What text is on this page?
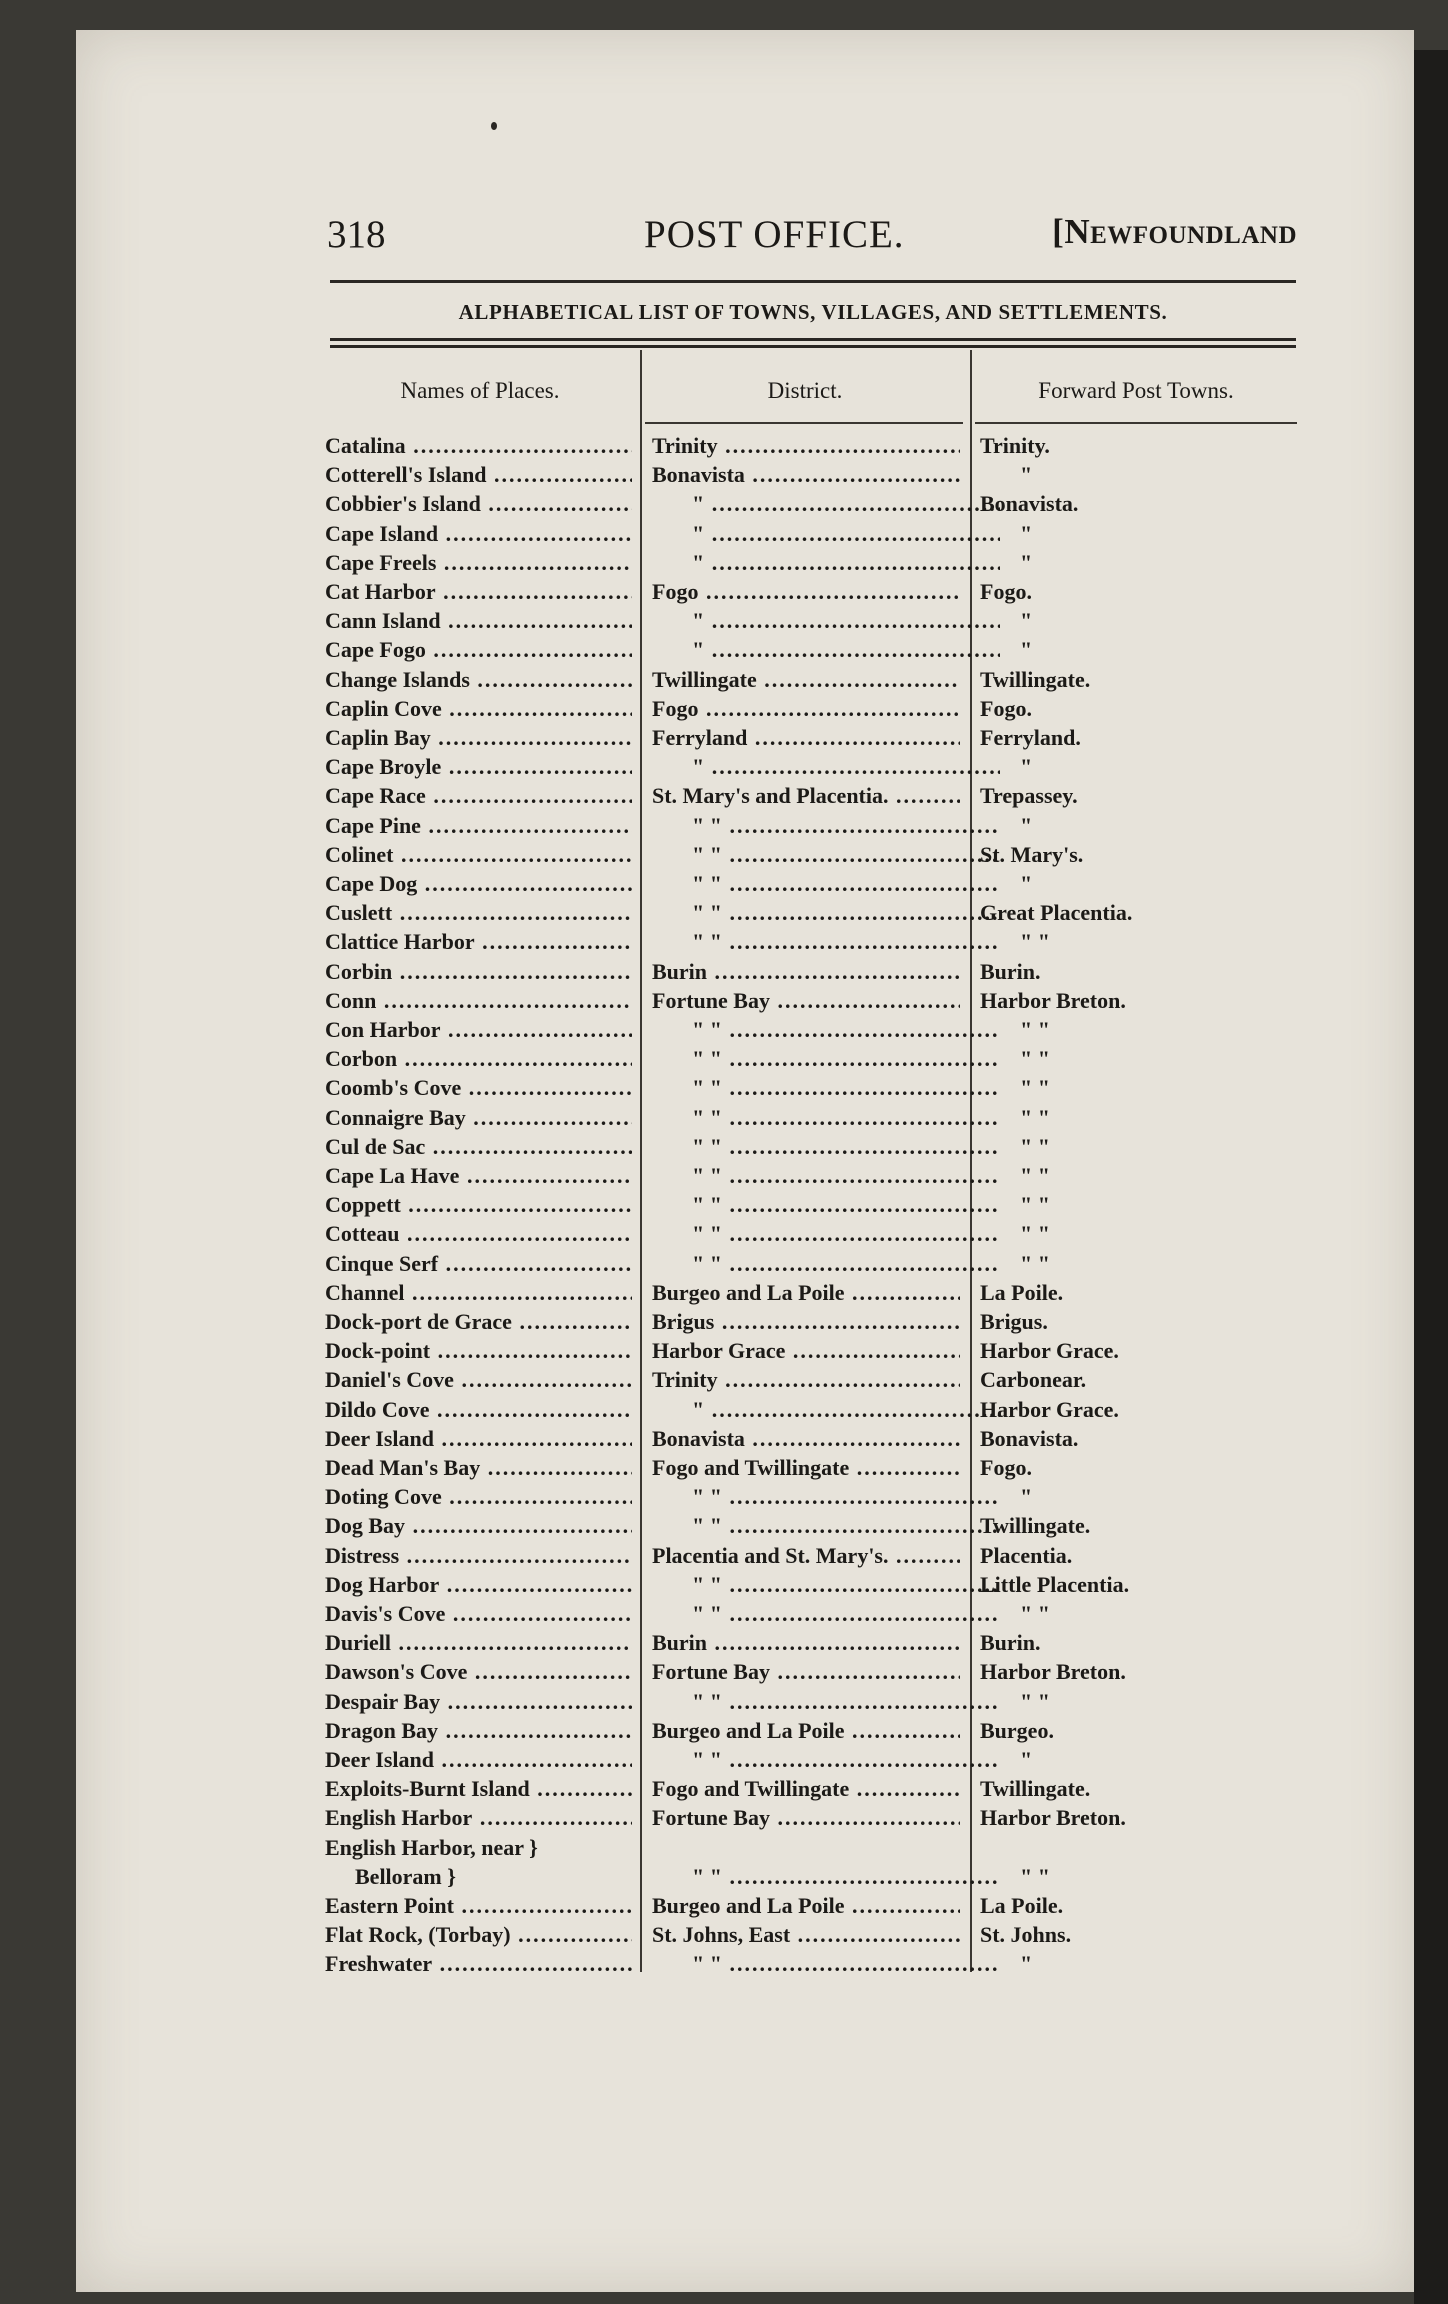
318	POST OFFICE.	[Newfoundland
ALPHABETICAL LIST OF TOWNS, VILLAGES, AND SETTLEMENTS.
Names of Places.	District.	Forward Post Towns.
Catalina .....	Trinity .....	Trinity.
Cotterell's Island .....	Bonavista .....	"
Cobbier's Island .....	" .....	Bonavista.
Cape Island .....	" .....	"
Cape Freels .....	" .....	"
Cat Harbor .....	Fogo .....	Fogo.
Cann Island .....	" .....	"
Cape Fogo .....	" .....	"
Change Islands .....	Twillingate .....	Twillingate.
Caplin Cove .....	Fogo .....	Fogo.
Caplin Bay .....	Ferryland .....	Ferryland.
Cape Broyle .....	" .....	"
Cape Race .....	St. Mary's and Placentia. .....	Trepassey.
Cape Pine .....	" " .....	"
Colinet .....	" " .....	St. Mary's.
Cape Dog .....	" " .....	"
Cuslett .....	" " .....	Great Placentia.
Clattice Harbor .....	" " .....	" "
Corbin .....	Burin .....	Burin.
Conn .....	Fortune Bay .....	Harbor Breton.
Con Harbor .....	" " .....	" "
Corbon .....	" " .....	" "
Coomb's Cove .....	" " .....	" "
Connaigre Bay .....	" " .....	" "
Cul de Sac .....	" " .....	" "
Cape La Have .....	" " .....	" "
Coppett .....	" " .....	" "
Cotteau .....	" " .....	" "
Cinque Serf .....	" " .....	" "
Channel .....	Burgeo and La Poile .....	La Poile.
Dock-port de Grace .....	Brigus .....	Brigus.
Dock-point .....	Harbor Grace .....	Harbor Grace.
Daniel's Cove .....	Trinity .....	Carbonear.
Dildo Cove .....	" .....	Harbor Grace.
Deer Island .....	Bonavista .....	Bonavista.
Dead Man's Bay .....	Fogo and Twillingate .....	Fogo.
Doting Cove .....	" " .....	"
Dog Bay .....	" " .....	Twillingate.
Distress .....	Placentia and St. Mary's. .....	Placentia.
Dog Harbor .....	" " .....	Little Placentia.
Davis's Cove .....	" " .....	" "
Duriell .....	Burin .....	Burin.
Dawson's Cove .....	Fortune Bay .....	Harbor Breton.
Despair Bay .....	" " .....	" "
Dragon Bay .....	Burgeo and La Poile .....	Burgeo.
Deer Island .....	" " .....	"
Exploits-Burnt Island .....	Fogo and Twillingate .....	Twillingate.
English Harbor .....	Fortune Bay .....	Harbor Breton.
English Harbor, near }
Belloram }	" " .....	" "
Eastern Point .....	Burgeo and La Poile .....	La Poile.
Flat Rock, (Torbay) .....	St. Johns, East .....	St. Johns.
Freshwater .....	" " .....	"
